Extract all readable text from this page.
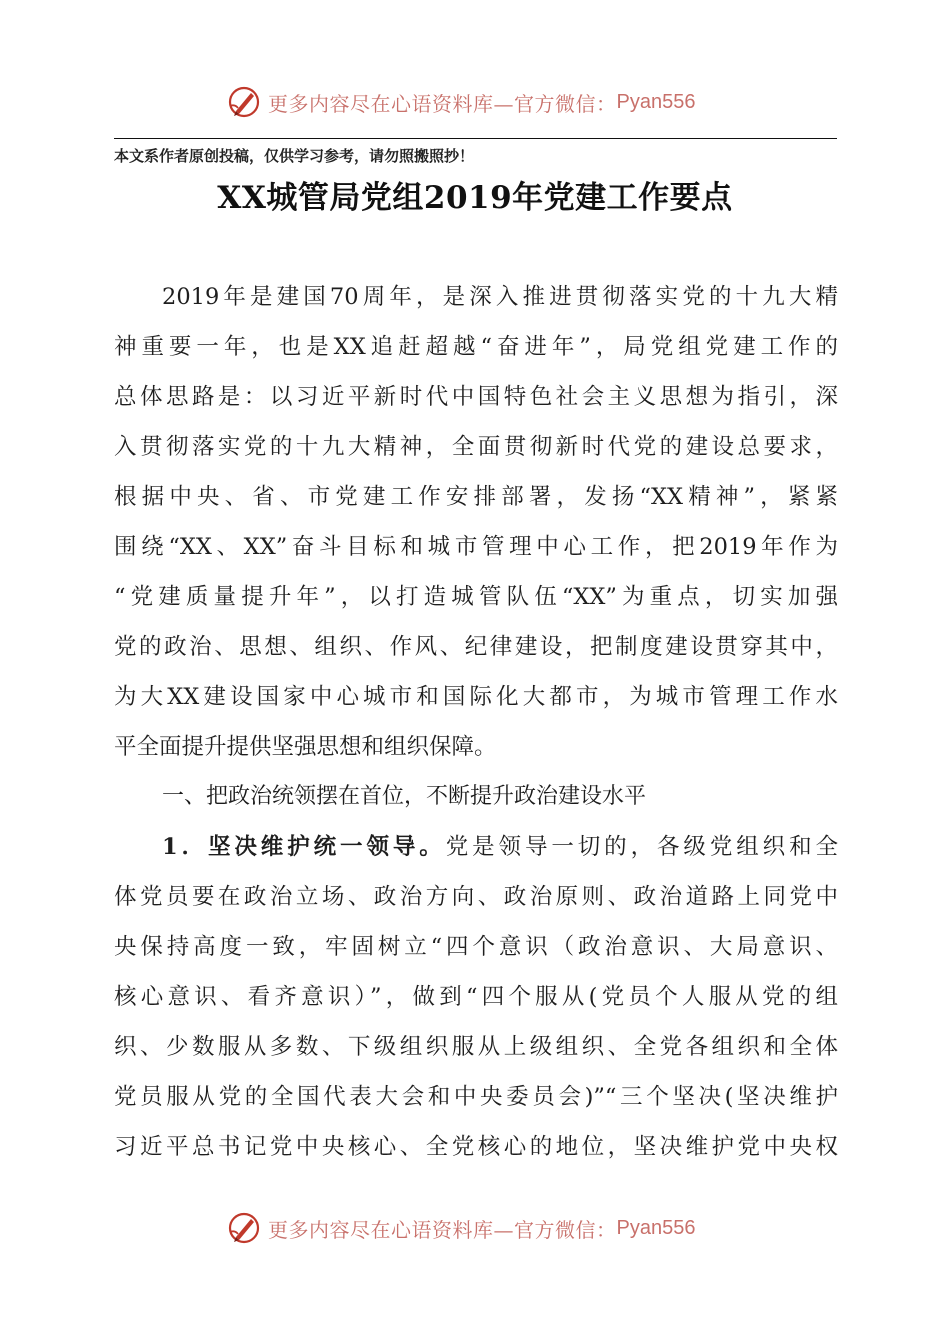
更多内容尽在心语资料库—官方微信： Pyan556
本文系作者原创投稿，仅供学习参考，请勿照搬照抄！
XX城管局党组2019年党建工作要点
2019年是建国70周年，是深入推进贯彻落实党的十九大精
神重要一年，也是XX追赶超越“奋进年”，局党组党建工作的
总体思路是：以习近平新时代中国特色社会主义思想为指引，深
入贯彻落实党的十九大精神，全面贯彻新时代党的建设总要求，
根据中央、省、市党建工作安排部署，发扬“XX精神”，紧紧
围绕“XX、XX”奋斗目标和城市管理中心工作，把2019年作为
“党建质量提升年”，以打造城管队伍“XX”为重点，切实加强
党的政治、思想、组织、作风、纪律建设，把制度建设贯穿其中，
为大XX建设国家中心城市和国际化大都市，为城市管理工作水
平全面提升提供坚强思想和组织保障。
一、把政治统领摆在首位，不断提升政治建设水平
1．坚决维护统一领导。党是领导一切的，各级党组织和全
体党员要在政治立场、政治方向、政治原则、政治道路上同党中
央保持高度一致，牢固树立“四个意识（政治意识、大局意识、
核心意识、看齐意识）”，做到“四个服从(党员个人服从党的组
织、少数服从多数、下级组织服从上级组织、全党各组织和全体
党员服从党的全国代表大会和中央委员会)”“三个坚决(坚决维护
习近平总书记党中央核心、全党核心的地位，坚决维护党中央权
更多内容尽在心语资料库—官方微信： Pyan556
